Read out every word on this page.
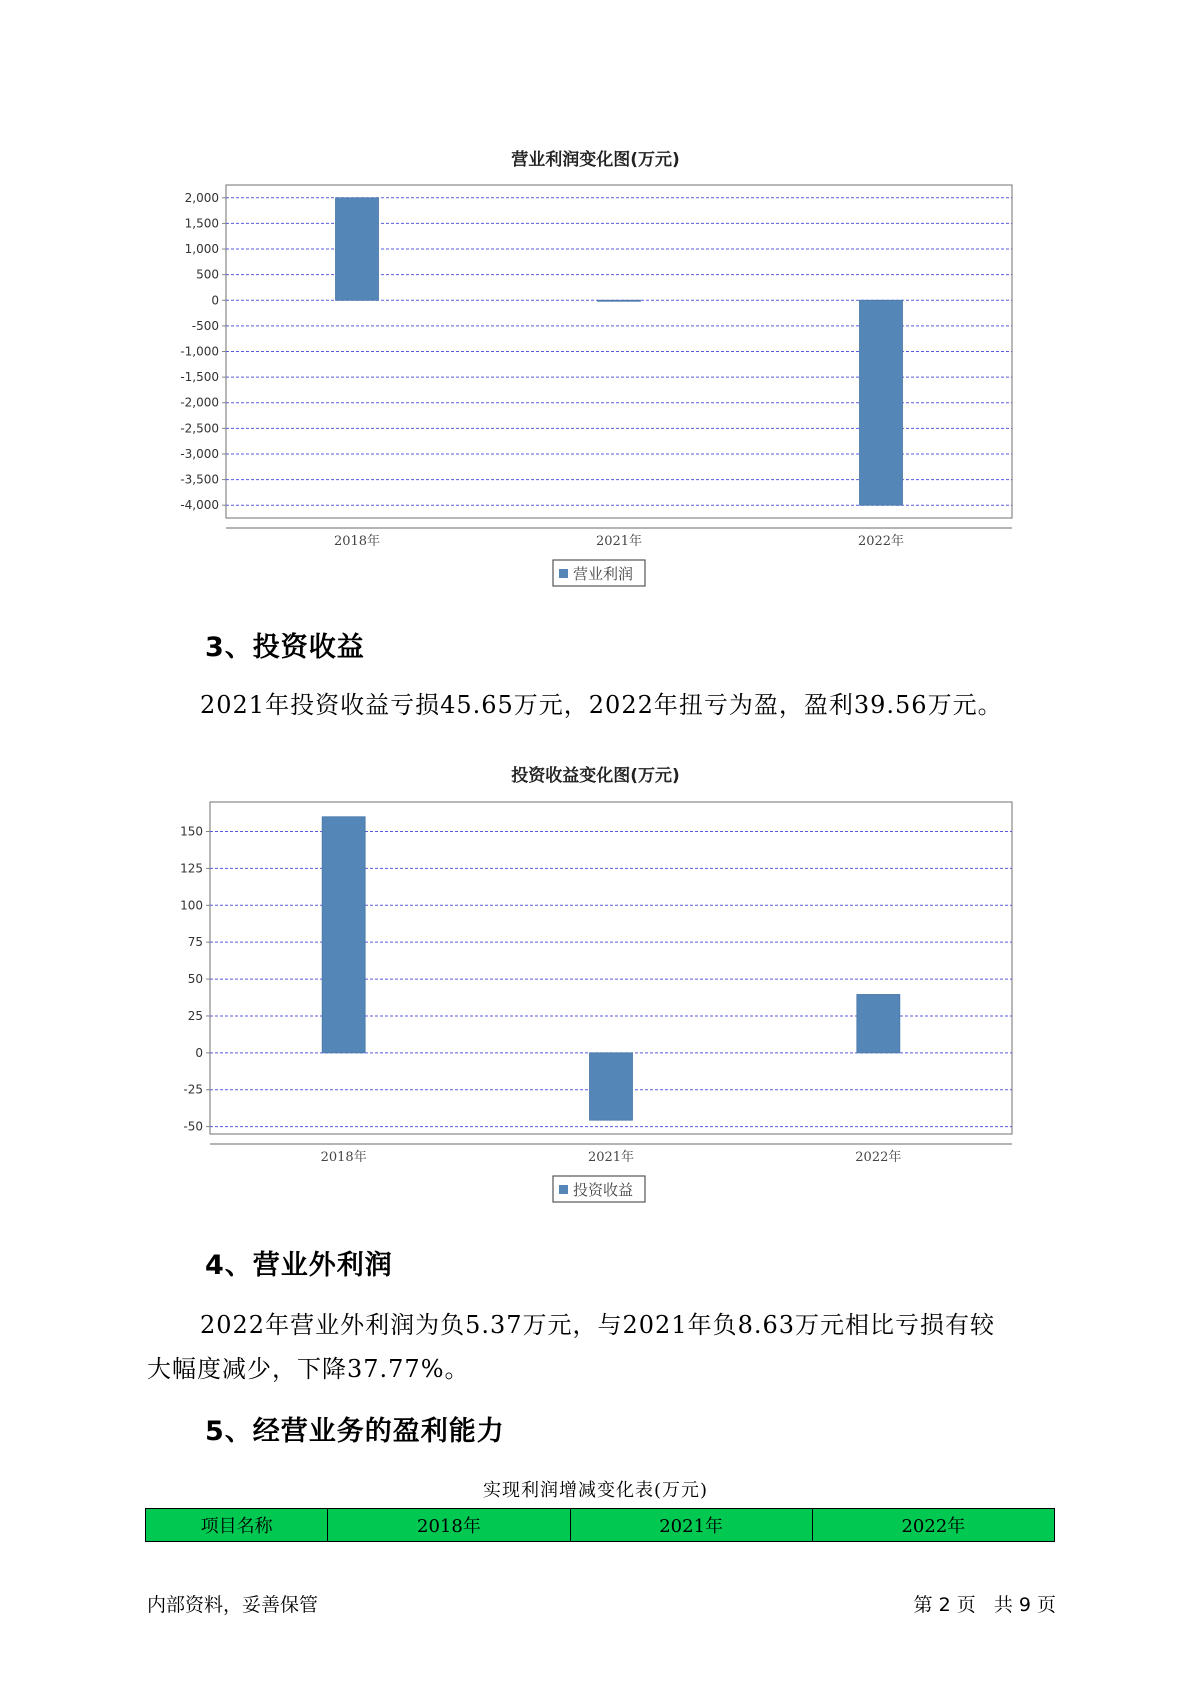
营业利润变化图(万元)
2,000
1,500
1,000
500
0
-500
-1,000
-1,500
-2,000
-2,500
-3,000
-3,500
-4,000
2018年	2021年	2022年
营业利润
3、投资收益
2021年投资收益亏损45.65万元，2022年扭亏为盈，盈利39.56万元。
投资收益变化图(万元)
150
125
100
75
50
25
0
-25
-50
2018年	2021年	2022年
投资收益
4、营业外利润
2022年营业外利润为负5.37万元，与2021年负8.63万元相比亏损有较
大幅度减少，下降37.77%。
5、经营业务的盈利能力
实现利润增减变化表(万元)
项目名称	2018年	2021年	2022年
内部资料，妥善保管	第 2 页   共 9 页
